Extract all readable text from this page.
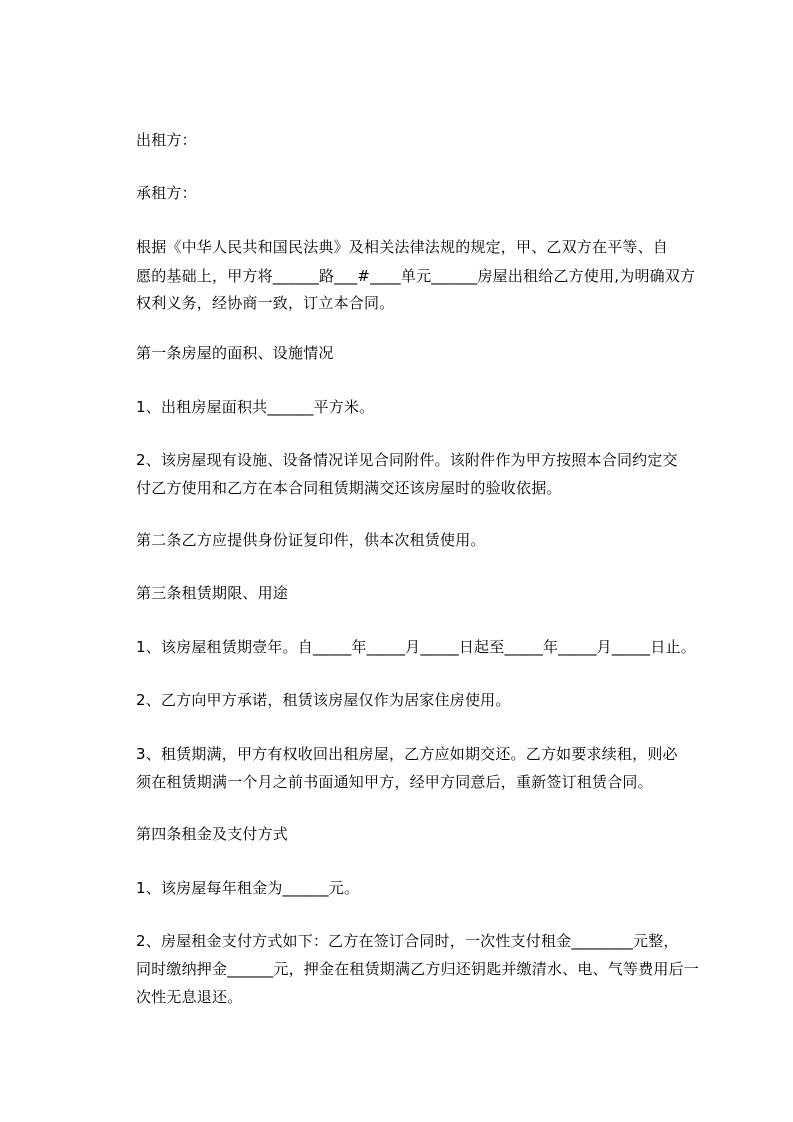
出租方：
承租方：
根据《中华人民共和国民法典》及相关法律法规的规定，甲、乙双方在平等、自
愿的基础上，甲方将______路___#____单元______房屋出租给乙方使用,为明确双方
权利义务，经协商一致，订立本合同。
第一条房屋的面积、设施情况
1、出租房屋面积共______平方米。
2、该房屋现有设施、设备情况详见合同附件。该附件作为甲方按照本合同约定交
付乙方使用和乙方在本合同租赁期满交还该房屋时的验收依据。
第二条乙方应提供身份证复印件，供本次租赁使用。
第三条租赁期限、用途
1、该房屋租赁期壹年。自_____年_____月_____日起至_____年_____月_____日止。
2、乙方向甲方承诺，租赁该房屋仅作为居家住房使用。
3、租赁期满，甲方有权收回出租房屋，乙方应如期交还。乙方如要求续租，则必
须在租赁期满一个月之前书面通知甲方，经甲方同意后，重新签订租赁合同。
第四条租金及支付方式
1、该房屋每年租金为______元。
2、房屋租金支付方式如下：乙方在签订合同时，一次性支付租金________元整，
同时缴纳押金______元，押金在租赁期满乙方归还钥匙并缴清水、电、气等费用后一
次性无息退还。
